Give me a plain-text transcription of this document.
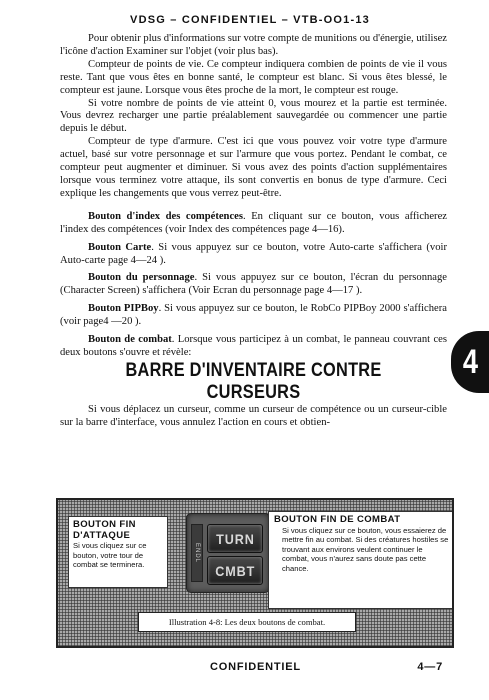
VDSG – CONFIDENTIEL – VTB-OO1-13

Pour obtenir plus d'informations sur votre compte de munitions ou d'énergie, utilisez l'icône d'action Examiner sur l'objet (voir plus bas).

Compteur de points de vie. Ce compteur indiquera combien de points de vie il vous reste. Tant que vous êtes en bonne santé, le compteur est blanc. Si vous êtes blessé, le compteur est jaune. Lorsque vous êtes proche de la mort, le compteur est rouge.

Si votre nombre de points de vie atteint 0, vous mourez et la partie est terminée. Vous devrez recharger une partie préalablement sauvegardée ou commencer une partie depuis le début.

Compteur de type d'armure. C'est ici que vous pouvez voir votre type d'armure actuel, basé sur votre personnage et sur l'armure que vous portez. Pendant le combat, ce compteur peut augmenter et diminuer. Si vous avez des points d'action supplémentaires lorsque vous terminez votre attaque, ils sont convertis en bonus de type d'armure. Ceci explique les changements que vous verrez peut-être.

Bouton d'index des compétences. En cliquant sur ce bouton, vous afficherez l'index des compétences (voir Index des compétences page 4—16).

Bouton Carte. Si vous appuyez sur ce bouton, votre Auto-carte s'affichera (voir Auto-carte page 4—24 ).

Bouton du personnage. Si vous appuyez sur ce bouton, l'écran du personnage (Character Screen) s'affichera (Voir Ecran du personnage page 4—17 ).

Bouton PIPBoy. Si vous appuyez sur ce bouton, le RobCo PIPBoy 2000 s'affichera (voir page4 —20 ).

Bouton de combat. Lorsque vous participez à un combat, le panneau couvrant ces deux boutons s'ouvre et révèle:

BARRE D'INVENTAIRE CONTRE CURSEURS

Si vous déplacez un curseur, comme un curseur de compétence ou un curseur-cible sur la barre d'interface, vous annulez l'action en cours et obtien-

4
BOUTON FIN D'ATTAQUE
Si vous cliquez sur ce bouton, votre tour de combat se terminera.
ENDL
TURN
CMBT
BOUTON FIN DE COMBAT
Si vous cliquez sur ce bouton, vous essaierez de mettre fin au combat. Si des créatures hostiles se trouvant aux environs veulent continuer le combat, vous n'aurez sans doute pas cette chance.
Illustration 4-8: Les deux boutons de combat.
CONFIDENTIEL	4—7
